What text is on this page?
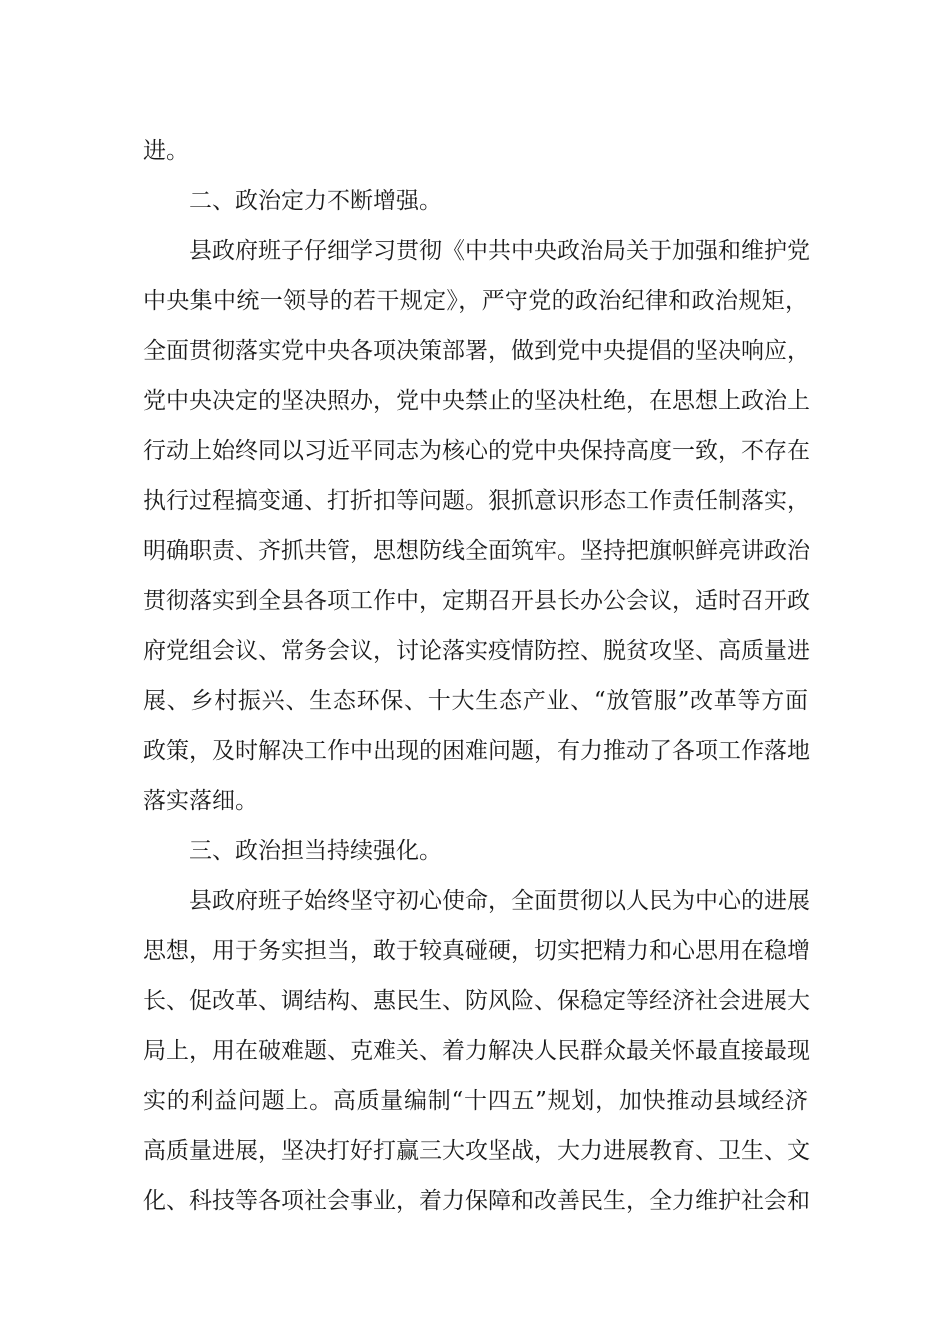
进。
二、政治定力不断增强。
县政府班子仔细学习贯彻《中共中央政治局关于加强和维护党
中央集中统一领导的若干规定》，严守党的政治纪律和政治规矩，
全面贯彻落实党中央各项决策部署，做到党中央提倡的坚决响应，
党中央决定的坚决照办，党中央禁止的坚决杜绝，在思想上政治上
行动上始终同以习近平同志为核心的党中央保持高度一致，不存在
执行过程搞变通、打折扣等问题。狠抓意识形态工作责任制落实，
明确职责、齐抓共管，思想防线全面筑牢。坚持把旗帜鲜亮讲政治
贯彻落实到全县各项工作中，定期召开县长办公会议，适时召开政
府党组会议、常务会议，讨论落实疫情防控、脱贫攻坚、高质量进
展、乡村振兴、生态环保、十大生态产业、“放管服”改革等方面
政策，及时解决工作中出现的困难问题，有力推动了各项工作落地
落实落细。
三、政治担当持续强化。
县政府班子始终坚守初心使命，全面贯彻以人民为中心的进展
思想，用于务实担当，敢于较真碰硬，切实把精力和心思用在稳增
长、促改革、调结构、惠民生、防风险、保稳定等经济社会进展大
局上，用在破难题、克难关、着力解决人民群众最关怀最直接最现
实的利益问题上。高质量编制“十四五”规划，加快推动县域经济
高质量进展，坚决打好打赢三大攻坚战，大力进展教育、卫生、文
化、科技等各项社会事业，着力保障和改善民生，全力维护社会和
